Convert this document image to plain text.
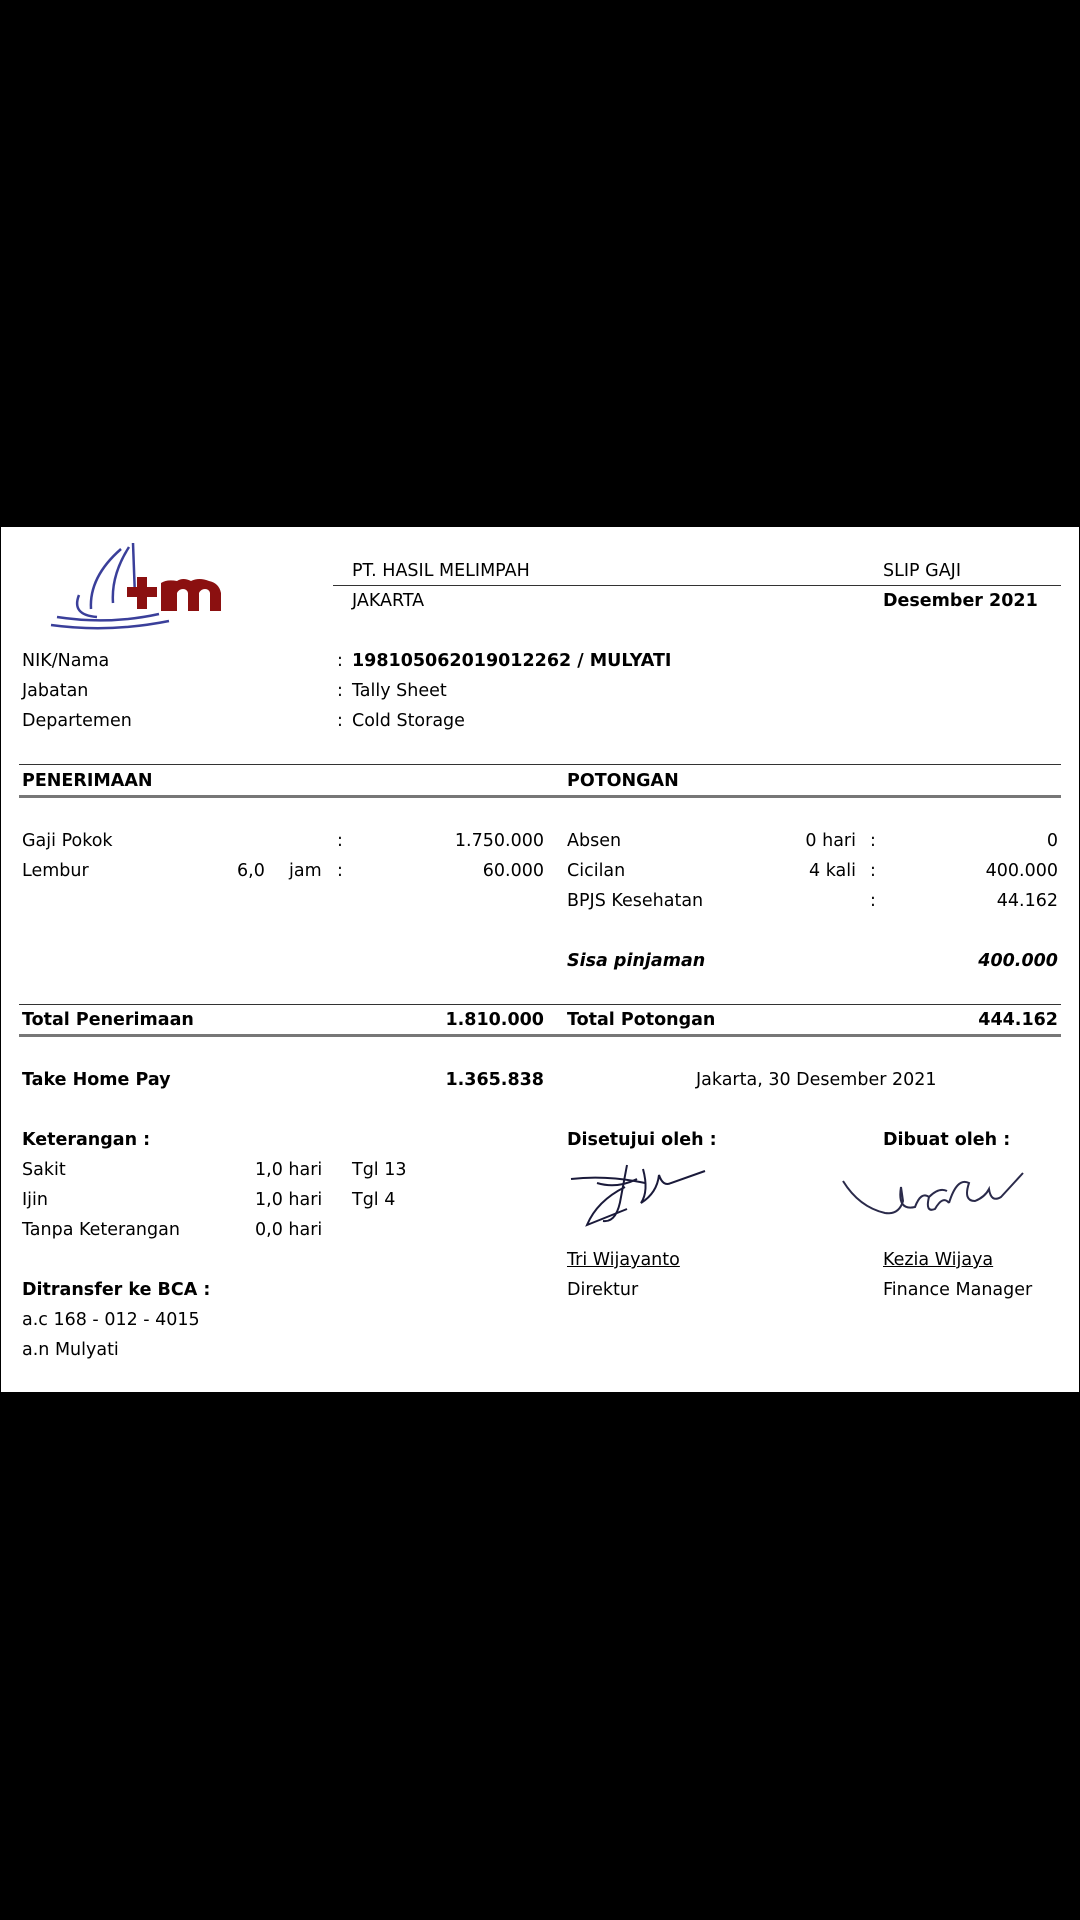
PT. HASIL MELIMPAH
JAKARTA
SLIP GAJI
Desember 2021
NIK/Nama	: 198105062019012262 / MULYATI
Jabatan	: Tally Sheet
Departemen	: Cold Storage
PENERIMAAN	POTONGAN
Gaji Pokok	:	1.750.000
Lembur	6,0 jam :	60.000
Absen	0 hari :	0
Cicilan	4 kali :	400.000
BPJS Kesehatan	:	44.162
Sisa pinjaman	400.000
Total Penerimaan	1.810.000 Total Potongan	444.162
Take Home Pay	1.365.838	Jakarta, 30 Desember 2021
Keterangan :
Sakit	1,0 hari Tgl 13
Ijin	1,0 hari Tgl 4
Tanpa Keterangan	0,0 hari
Ditransfer ke BCA :
a.c 168 - 012 - 4015
a.n Mulyati
Disetujui oleh :
Tri Wijayanto
Direktur
Dibuat oleh :
Kezia Wijaya
Finance Manager
